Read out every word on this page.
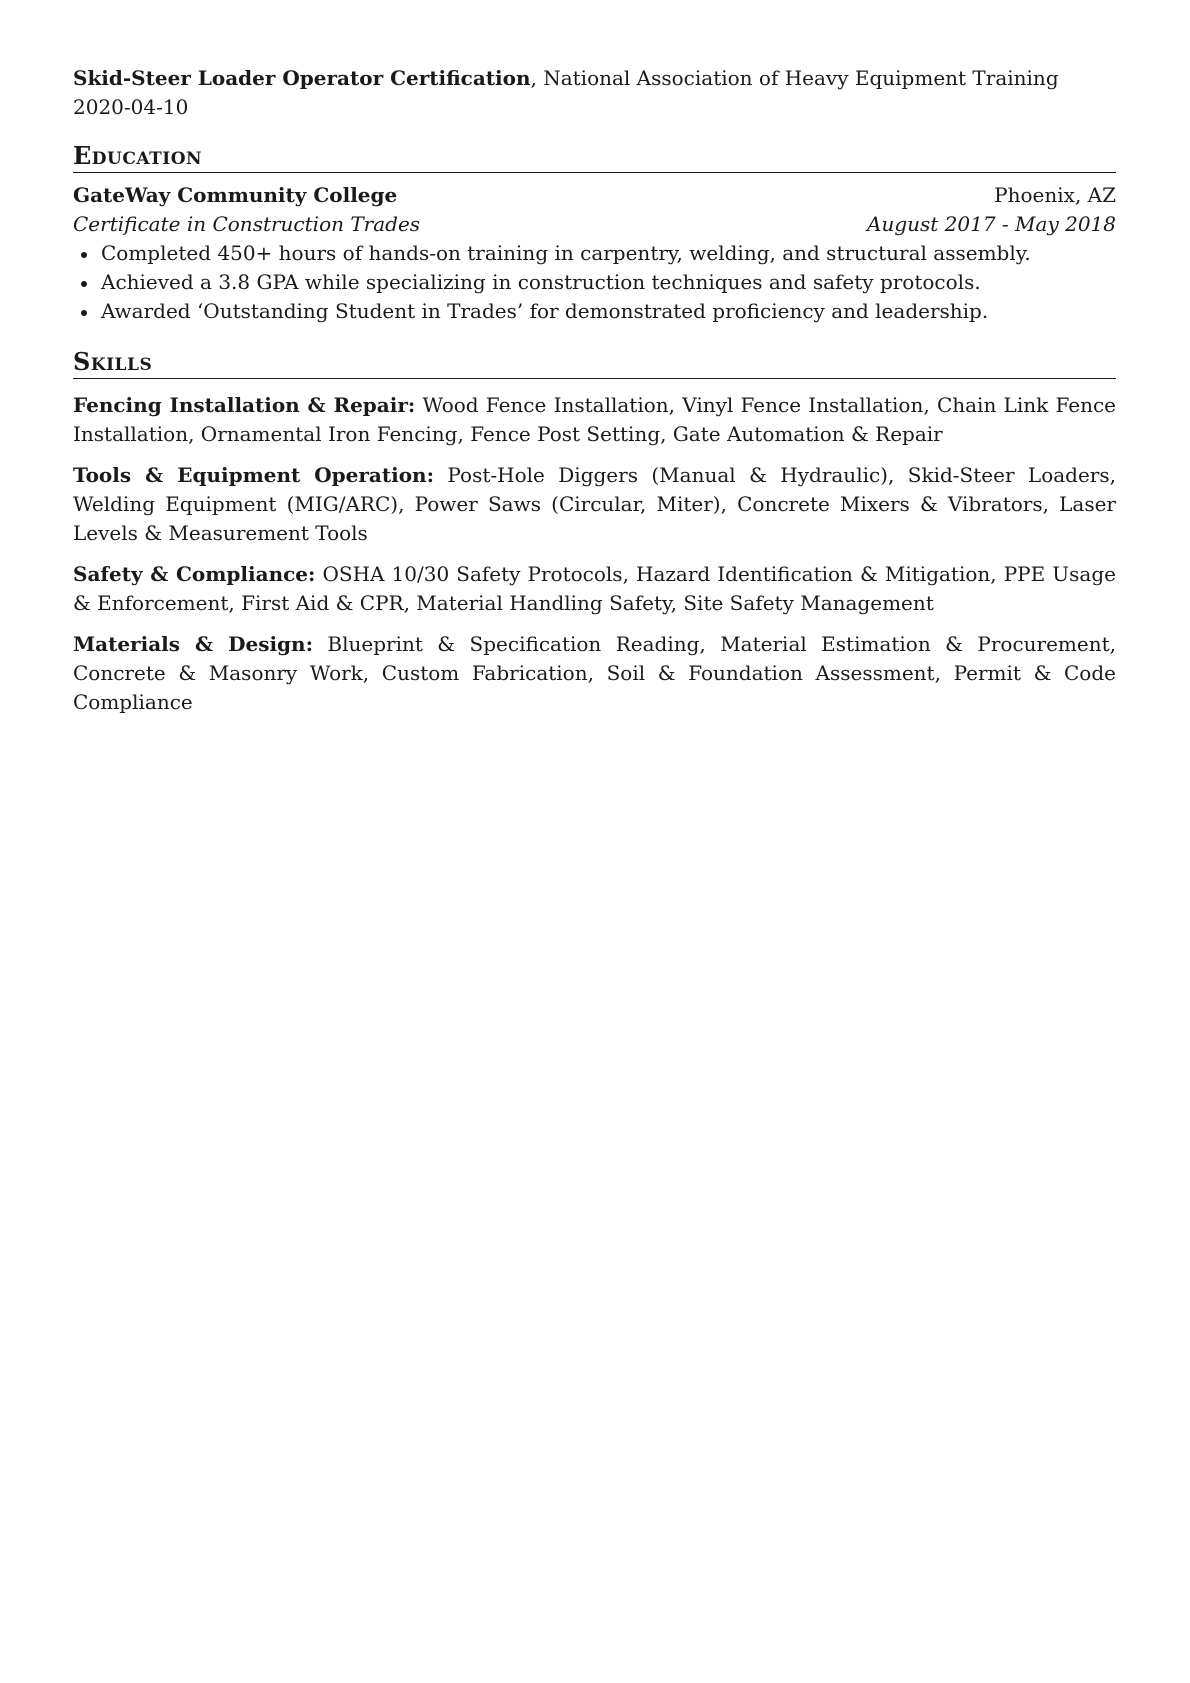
Skid-Steer Loader Operator Certification, National Association of Heavy Equipment Training
2020-04-10
Education
GateWay Community College	Phoenix, AZ
Certificate in Construction Trades	August 2017 - May 2018
Completed 450+ hours of hands-on training in carpentry, welding, and structural assembly.
Achieved a 3.8 GPA while specializing in construction techniques and safety protocols.
Awarded ‘Outstanding Student in Trades’ for demonstrated proficiency and leadership.
Skills
Fencing Installation & Repair: Wood Fence Installation, Vinyl Fence Installation, Chain Link Fence Installation, Ornamental Iron Fencing, Fence Post Setting, Gate Automation & Repair
Tools & Equipment Operation: Post-Hole Diggers (Manual & Hydraulic), Skid-Steer Loaders, Welding Equipment (MIG/ARC), Power Saws (Circular, Miter), Concrete Mixers & Vibrators, Laser Levels & Measurement Tools
Safety & Compliance: OSHA 10/30 Safety Protocols, Hazard Identification & Mitigation, PPE Usage & Enforcement, First Aid & CPR, Material Handling Safety, Site Safety Management
Materials & Design: Blueprint & Specification Reading, Material Estimation & Procurement, Concrete & Masonry Work, Custom Fabrication, Soil & Foundation Assessment, Permit & Code Compliance
